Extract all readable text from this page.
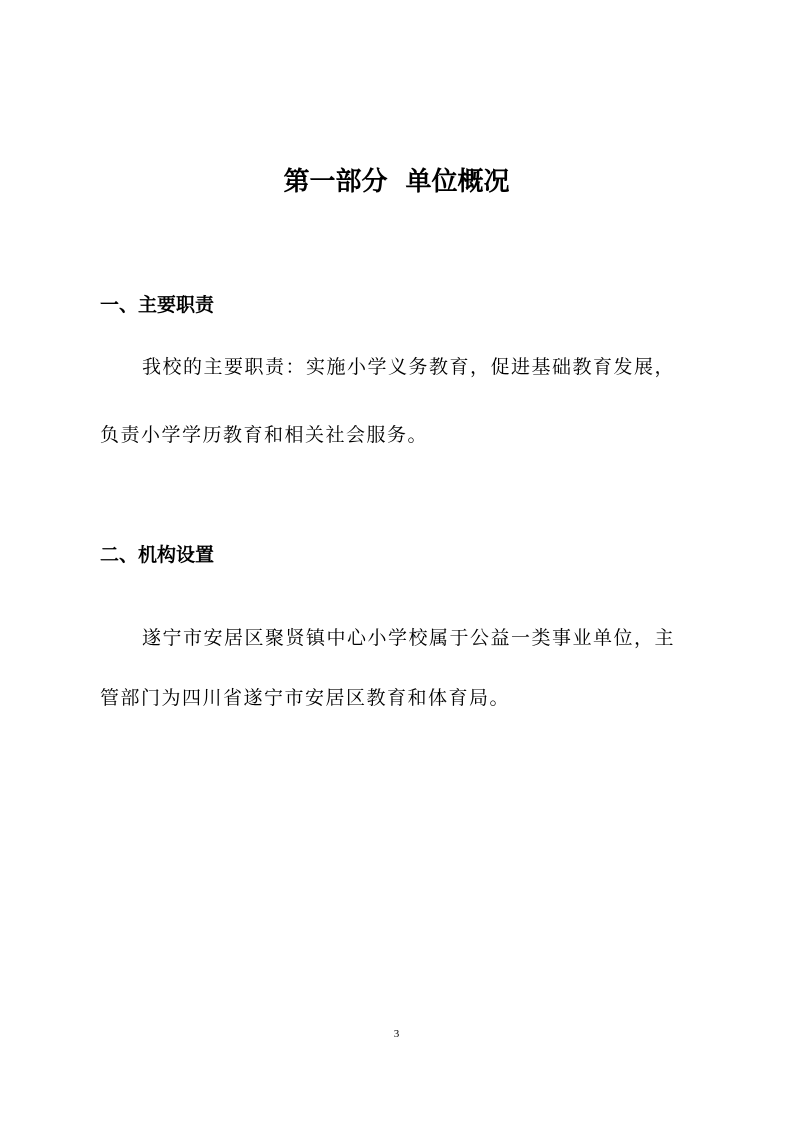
第一部分  单位概况
一、主要职责
我校的主要职责：实施小学义务教育，促进基础教育发展，
负责小学学历教育和相关社会服务。
二、机构设置
遂宁市安居区聚贤镇中心小学校属于公益一类事业单位，主
管部门为四川省遂宁市安居区教育和体育局。
3
